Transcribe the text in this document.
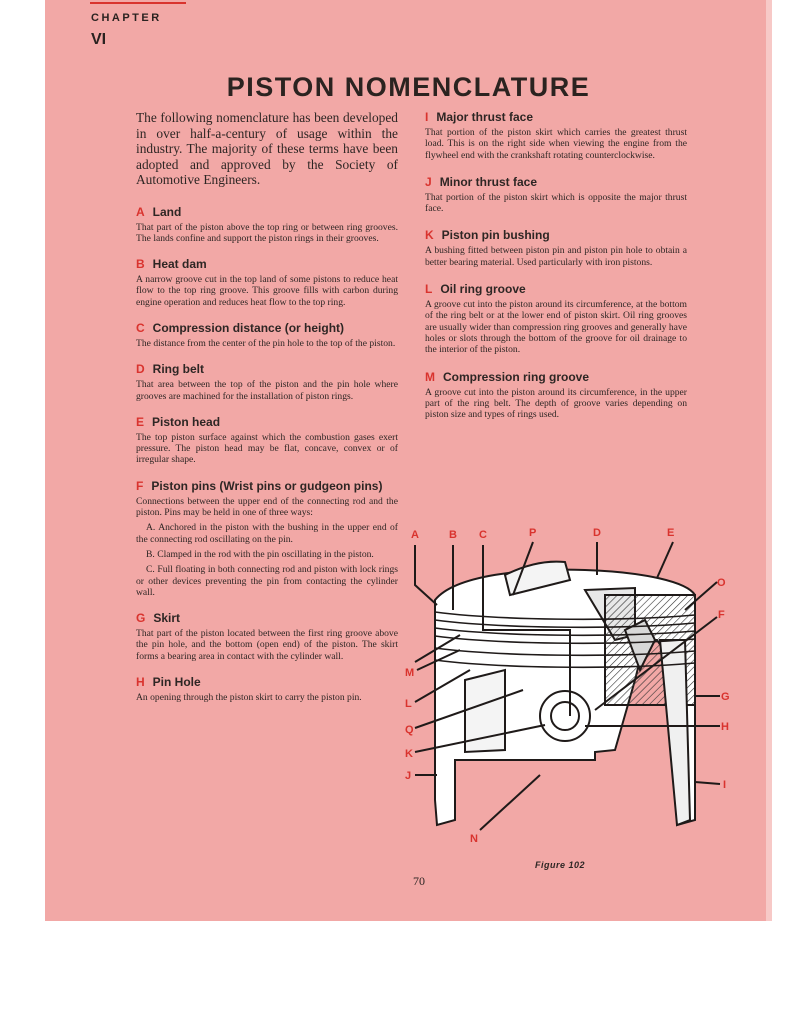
CHAPTER
VI
PISTON NOMENCLATURE

The following nomenclature has been developed in over half-a-century of usage within the industry. The majority of these terms have been adopted and approved by the Society of Automotive Engineers.

A Land

That part of the piston above the top ring or between ring grooves. The lands confine and support the piston rings in their grooves.

B Heat dam

A narrow groove cut in the top land of some pistons to reduce heat flow to the top ring groove. This groove fills with carbon during engine operation and reduces heat flow to the top ring.

C Compression distance (or height)

The distance from the center of the pin hole to the top of the piston.

D Ring belt

That area between the top of the piston and the pin hole where grooves are machined for the installation of piston rings.

E Piston head

The top piston surface against which the combustion gases exert pressure. The piston head may be flat, concave, convex or of irregular shape.

F Piston pins (Wrist pins or gudgeon pins)

Connections between the upper end of the connecting rod and the piston. Pins may be held in one of three ways:

A. Anchored in the piston with the bushing in the upper end of the connecting rod oscillating on the pin.

B. Clamped in the rod with the pin oscillating in the piston.

C. Full floating in both connecting rod and piston with lock rings or other devices preventing the pin from contacting the cylinder wall.

G Skirt

That part of the piston located between the first ring groove above the pin hole, and the bottom (open end) of the piston. The skirt forms a bearing area in contact with the cylinder wall.

H Pin Hole

An opening through the piston skirt to carry the piston pin.

I Major thrust face

That portion of the piston skirt which carries the greatest thrust load. This is on the right side when viewing the engine from the flywheel end with the crankshaft rotating counterclockwise.

J Minor thrust face

That portion of the piston skirt which is opposite the major thrust face.

K Piston pin bushing

A bushing fitted between piston pin and piston pin hole to obtain a better bearing material. Used particularly with iron pistons.

L Oil ring groove

A groove cut into the piston around its circumference, at the bottom of the ring belt or at the lower end of piston skirt. Oil ring grooves are usually wider than compression ring grooves and generally have holes or slots through the bottom of the groove for oil drainage to the interior of the piston.

M Compression ring groove

A groove cut into the piston around its circumference, in the upper part of the ring belt. The depth of groove varies depending on piston size and types of rings used.

A	B C	P	D	E
O
F
M
L
Q
K
J
G
H
I
N
Figure 102
70
